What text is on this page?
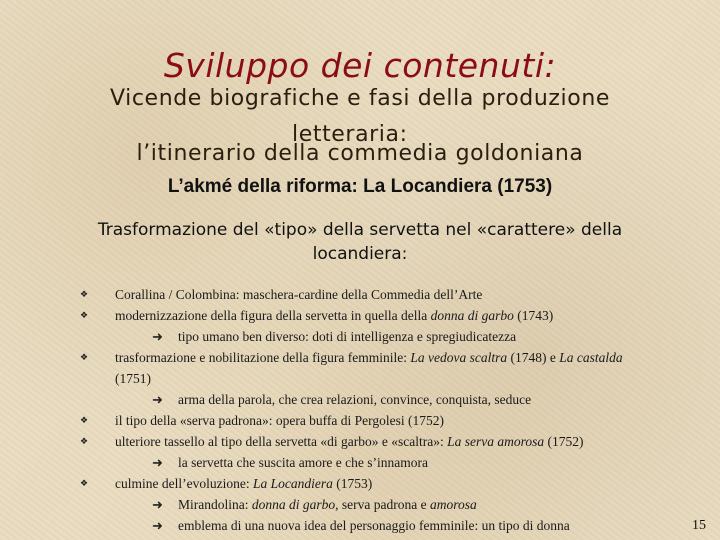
Sviluppo dei contenuti:
Vicende biografiche e fasi della produzione
letteraria:
l’itinerario della commedia goldoniana
L’akmé della riforma: La Locandiera (1753)
Trasformazione del «tipo» della servetta nel «carattere» della locandiera:
❖ Corallina / Colombina: maschera-cardine della Commedia dell’Arte
❖ modernizzazione della figura della servetta in quella della donna di garbo (1743)
➜ tipo umano ben diverso: doti di intelligenza e spregiudicatezza
❖ trasformazione e nobilitazione della figura femminile: La vedova scaltra (1748) e La castalda (1751)
➜ arma della parola, che crea relazioni, convince, conquista, seduce
❖ il tipo della «serva padrona»: opera buffa di Pergolesi (1752)
❖ ulteriore tassello al tipo della servetta «di garbo» e «scaltra»: La serva amorosa (1752)
➜ la servetta che suscita amore e che s’innamora
❖ culmine dell’evoluzione: La Locandiera (1753)
➜ Mirandolina: donna di garbo, serva padrona e amorosa
➜ emblema di una nuova idea del personaggio femminile: un tipo di donna	15
